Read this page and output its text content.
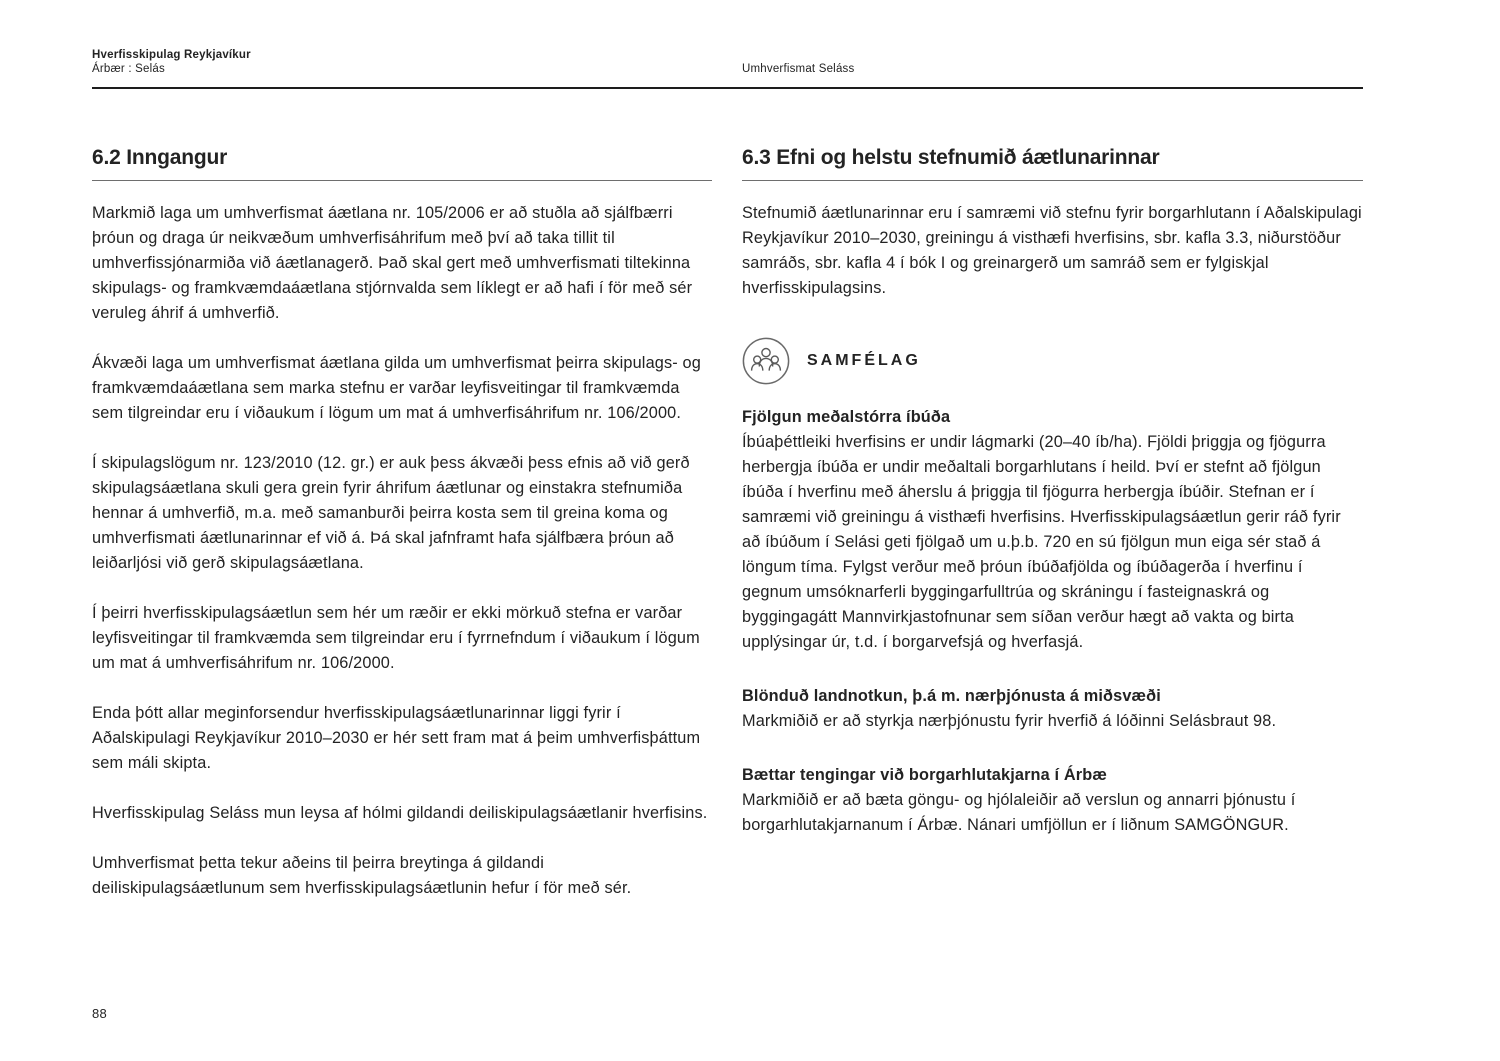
Hverfisskipulag Reykjavíkur
Árbær : Selás	Umhverfismat Seláss
6.2 Inngangur

Markmið laga um umhverfismat áætlana nr. 105/2006 er að stuðla að sjálfbærri þróun og draga úr neikvæðum umhverfisáhrifum með því að taka tillit til umhverfissjónarmiða við áætlanagerð. Það skal gert með umhverfismati tiltekinna skipulags- og framkvæmdaáætlana stjórnvalda sem líklegt er að hafi í för með sér veruleg áhrif á umhverfið.

Ákvæði laga um umhverfismat áætlana gilda um umhverfismat þeirra skipulags- og framkvæmdaáætlana sem marka stefnu er varðar leyfisveitingar til framkvæmda sem tilgreindar eru í viðaukum í lögum um mat á umhverfisáhrifum nr. 106/2000.

Í skipulagslögum nr. 123/2010 (12. gr.) er auk þess ákvæði þess efnis að við gerð skipulagsáætlana skuli gera grein fyrir áhrifum áætlunar og einstakra stefnumiða hennar á umhverfið, m.a. með samanburði þeirra kosta sem til greina koma og umhverfismati áætlunarinnar ef við á. Þá skal jafnframt hafa sjálfbæra þróun að leiðarljósi við gerð skipulagsáætlana.

Í þeirri hverfisskipulagsáætlun sem hér um ræðir er ekki mörkuð stefna er varðar leyfisveitingar til framkvæmda sem tilgreindar eru í fyrrnefndum í viðaukum í lögum um mat á umhverfisáhrifum nr. 106/2000.

Enda þótt allar meginforsendur hverfisskipulagsáætlunarinnar liggi fyrir í Aðalskipulagi Reykjavíkur 2010–2030 er hér sett fram mat á þeim umhverfisþáttum sem máli skipta.

Hverfisskipulag Seláss mun leysa af hólmi gildandi deiliskipulagsáætlanir hverfisins.

Umhverfismat þetta tekur aðeins til þeirra breytinga á gildandi deiliskipulagsáætlunum sem hverfisskipulagsáætlunin hefur í för með sér.

6.3 Efni og helstu stefnumið áætlunarinnar

Stefnumið áætlunarinnar eru í samræmi við stefnu fyrir borgarhlutann í Aðalskipulagi Reykjavíkur 2010–2030, greiningu á visthæfi hverfisins, sbr. kafla 3.3, niðurstöður samráðs, sbr. kafla 4 í bók I og greinargerð um samráð sem er fylgiskjal hverfisskipulagsins.

SAMFÉLAG
Fjölgun meðalstórra íbúða

Íbúaþéttleiki hverfisins er undir lágmarki (20–40 íb/ha). Fjöldi þriggja og fjögurra herbergja íbúða er undir meðaltali borgarhlutans í heild. Því er stefnt að fjölgun íbúða í hverfinu með áherslu á þriggja til fjögurra herbergja íbúðir. Stefnan er í samræmi við greiningu á visthæfi hverfisins. Hverfisskipulagsáætlun gerir ráð fyrir að íbúðum í Selási geti fjölgað um u.þ.b. 720 en sú fjölgun mun eiga sér stað á löngum tíma. Fylgst verður með þróun íbúðafjölda og íbúðagerða í hverfinu í gegnum umsóknarferli byggingarfulltrúa og skráningu í fasteignaskrá og byggingagátt Mannvirkjastofnunar sem síðan verður hægt að vakta og birta upplýsingar úr, t.d. í borgarvefsjá og hverfasjá.

Blönduð landnotkun, þ.á m. nærþjónusta á miðsvæði

Markmiðið er að styrkja nærþjónustu fyrir hverfið á lóðinni Selásbraut 98.

Bættar tengingar við borgarhlutakjarna í Árbæ

Markmiðið er að bæta göngu- og hjólaleiðir að verslun og annarri þjónustu í borgarhlutakjarnanum í Árbæ. Nánari umfjöllun er í liðnum SAMGÖNGUR.

88
